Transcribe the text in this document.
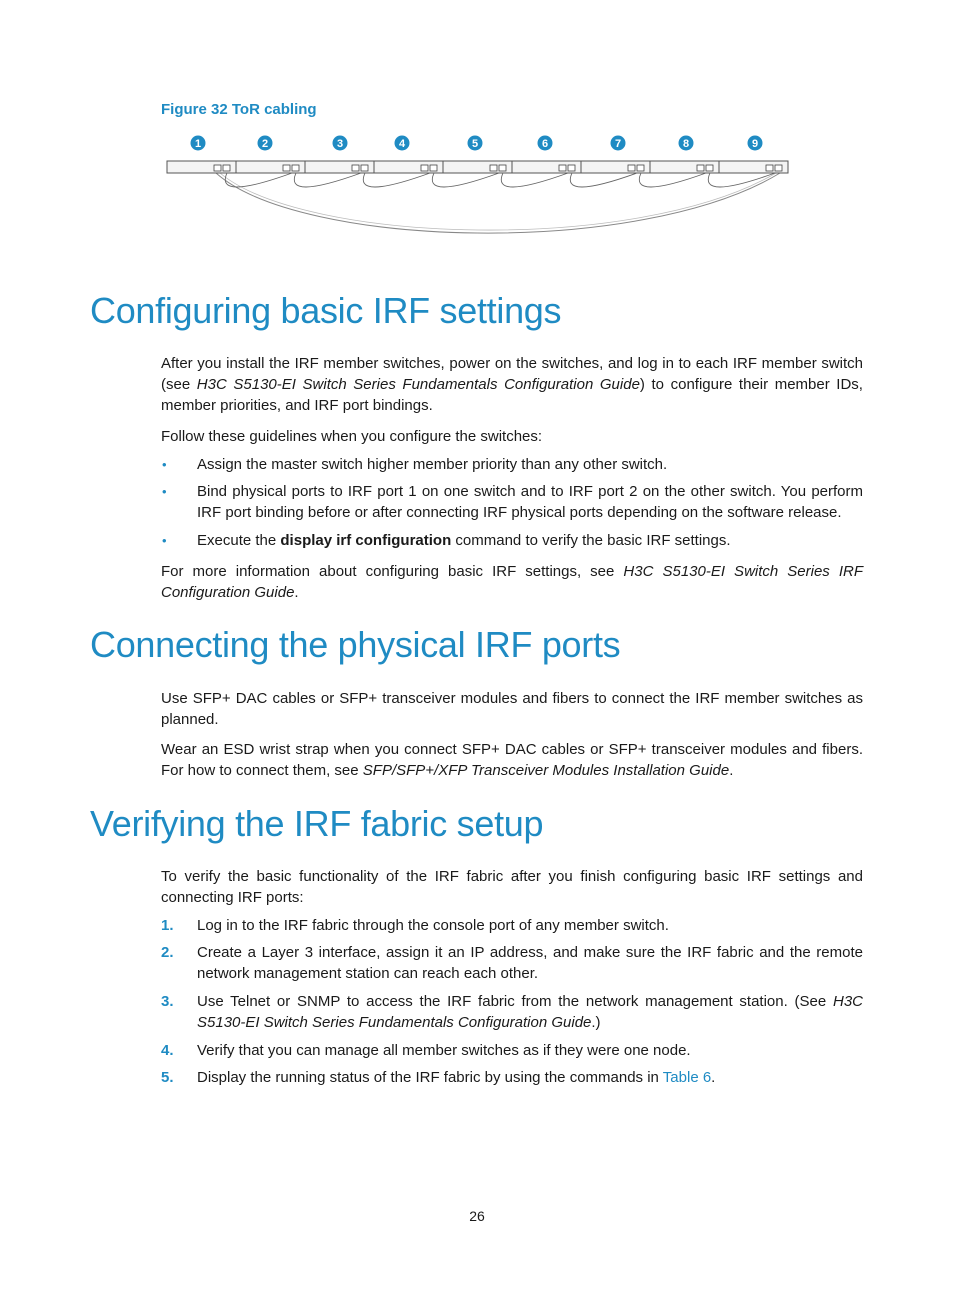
Figure 32 ToR cabling
1	2	3	4	5	6	7	8	9
Configuring basic IRF settings

After you install the IRF member switches, power on the switches, and log in to each IRF member switch (see H3C S5130-EI Switch Series Fundamentals Configuration Guide) to configure their member IDs, member priorities, and IRF port bindings.

Follow these guidelines when you configure the switches:

• Assign the master switch higher member priority than any other switch.
• Bind physical ports to IRF port 1 on one switch and to IRF port 2 on the other switch. You perform IRF port binding before or after connecting IRF physical ports depending on the software release.
• Execute the display irf configuration command to verify the basic IRF settings.

For more information about configuring basic IRF settings, see H3C S5130-EI Switch Series IRF Configuration Guide.

Connecting the physical IRF ports

Use SFP+ DAC cables or SFP+ transceiver modules and fibers to connect the IRF member switches as planned.

Wear an ESD wrist strap when you connect SFP+ DAC cables or SFP+ transceiver modules and fibers. For how to connect them, see SFP/SFP+/XFP Transceiver Modules Installation Guide.

Verifying the IRF fabric setup

To verify the basic functionality of the IRF fabric after you finish configuring basic IRF settings and connecting IRF ports:

1. Log in to the IRF fabric through the console port of any member switch.
2. Create a Layer 3 interface, assign it an IP address, and make sure the IRF fabric and the remote network management station can reach each other.
3. Use Telnet or SNMP to access the IRF fabric from the network management station. (See H3C S5130-EI Switch Series Fundamentals Configuration Guide.)
4. Verify that you can manage all member switches as if they were one node.
5. Display the running status of the IRF fabric by using the commands in Table 6.
26
